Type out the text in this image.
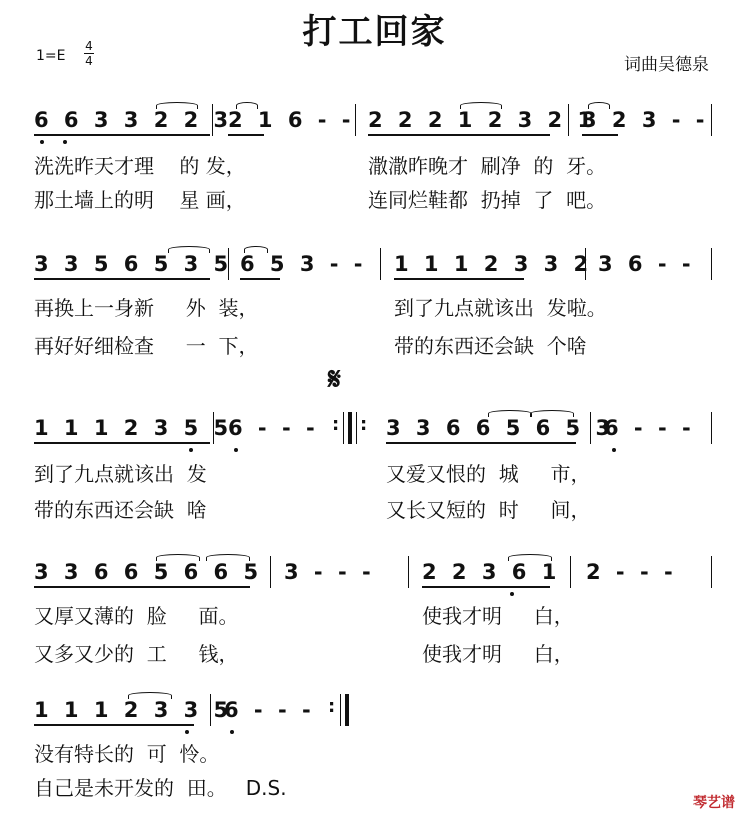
打工回家
1=E
4
4	词曲吴德泉
6 6 3 3 2 2 3
2 1 6 - - 2 2 2 1 2 3 2 1
3 2 3 - -
洗洗昨天才理    的 发，	潵潵昨晚才  刷净  的  牙。
那土墙上的明    星 画，	连同烂鞋都  扔掉  了  吧。
3 3 5 6 5 3 5 6 5 3 - - 1 1 1 2 3 3 2 3 6 - -
再换上一身新     外  装，	到了九点就该出  发啦。
再好好细检查     一  下，	带的东西还会缺  个啥
𝄋
1 1 1 2 3 5 5
6 - - - : : 3 3 6 6 5 6 5 3
6 - - -
到了九点就该出  发	又爱又恨的  城     市，
带的东西还会缺  啥	又长又短的  时     间，
3 3 6 6 5 6 6 5 3 - - - 2 2 3 6 1 2 - - -
又厚又薄的  脸     面。	使我才明     白，
又多又少的  工     钱，	使我才明     白，
1 1 1 2 3 3 5
6 - - - :
没有特长的  可  怜。
自己是未开发的  田。   D.S.
琴艺谱
